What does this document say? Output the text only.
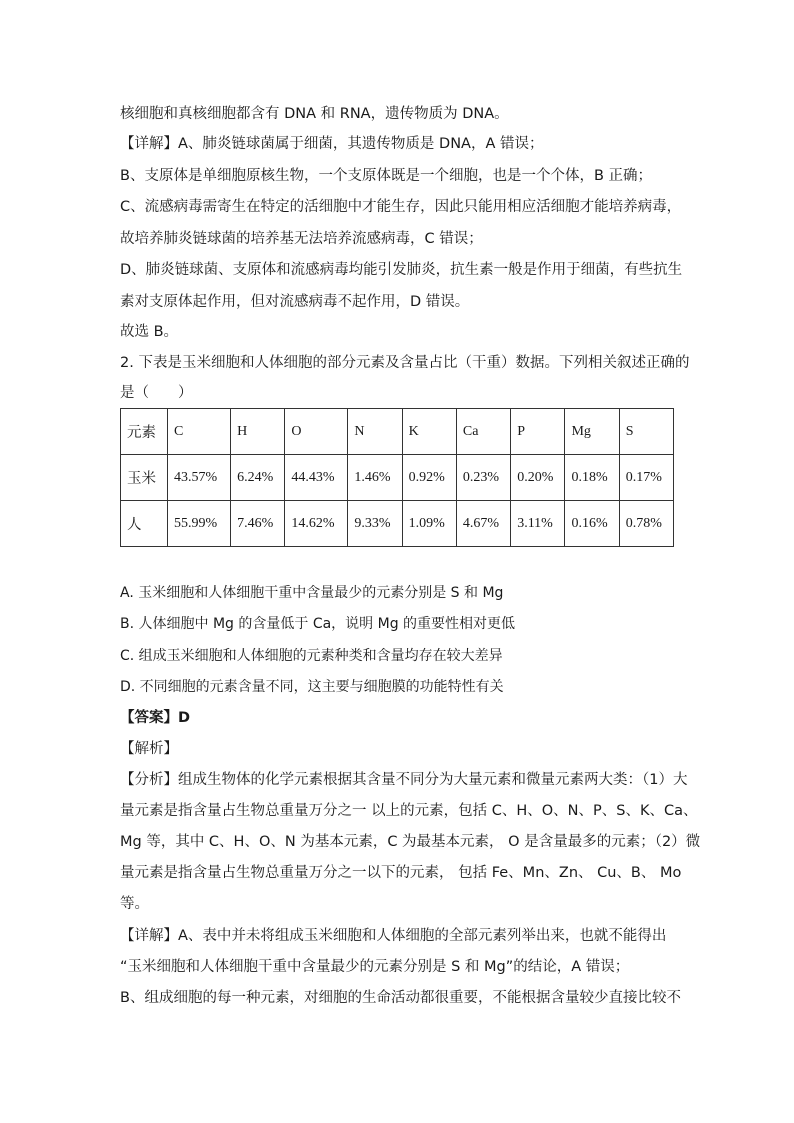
核细胞和真核细胞都含有 DNA 和 RNA，遗传物质为 DNA。
【详解】A、肺炎链球菌属于细菌，其遗传物质是 DNA，A 错误；
B、支原体是单细胞原核生物，一个支原体既是一个细胞，也是一个个体，B 正确；
C、流感病毒需寄生在特定的活细胞中才能生存，因此只能用相应活细胞才能培养病毒，
故培养肺炎链球菌的培养基无法培养流感病毒，C 错误；
D、肺炎链球菌、支原体和流感病毒均能引发肺炎，抗生素一般是作用于细菌，有些抗生
素对支原体起作用，但对流感病毒不起作用，D 错误。
故选 B。
2. 下表是玉米细胞和人体细胞的部分元素及含量占比（干重）数据。下列相关叙述正确的
是（　　）
元素	C	H	O	N	K	Ca	P	Mg	S
玉米	43.57%	6.24%	44.43%	1.46%	0.92%	0.23%	0.20%	0.18%	0.17%
人	55.99%	7.46%	14.62%	9.33%	1.09%	4.67%	3.11%	0.16%	0.78%
A. 玉米细胞和人体细胞干重中含量最少的元素分别是 S 和 Mg
B. 人体细胞中 Mg 的含量低于 Ca，说明 Mg 的重要性相对更低
C. 组成玉米细胞和人体细胞的元素种类和含量均存在较大差异
D. 不同细胞的元素含量不同，这主要与细胞膜的功能特性有关
【答案】D
【解析】
【分析】组成生物体的化学元素根据其含量不同分为大量元素和微量元素两大类：（1）大
量元素是指含量占生物总重量万分之一 以上的元素，包括 C、H、O、N、P、S、K、Ca、
Mg 等，其中 C、H、O、N 为基本元素，C 为最基本元素， O 是含量最多的元素；（2）微
量元素是指含量占生物总重量万分之一以下的元素， 包括 Fe、Mn、Zn、 Cu、B、 Mo
等。
【详解】A、表中并未将组成玉米细胞和人体细胞的全部元素列举出来，也就不能得出
“玉米细胞和人体细胞干重中含量最少的元素分别是 S 和 Mg”的结论，A 错误；
B、组成细胞的每一种元素，对细胞的生命活动都很重要，不能根据含量较少直接比较不
